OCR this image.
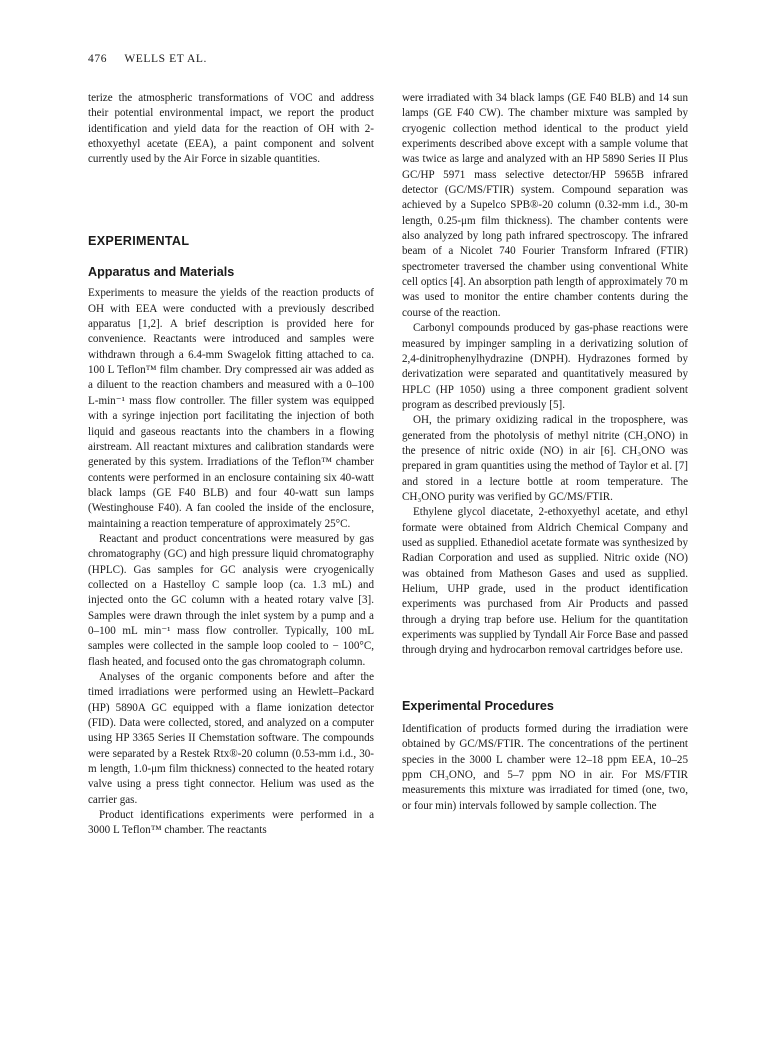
476 WELLS ET AL.

terize the atmospheric transformations of VOC and address their potential environmental impact, we report the product identification and yield data for the reaction of OH with 2-ethoxyethyl acetate (EEA), a paint component and solvent currently used by the Air Force in sizable quantities.

EXPERIMENTAL
Apparatus and Materials

Experiments to measure the yields of the reaction products of OH with EEA were conducted with a previously described apparatus [1,2]. A brief description is provided here for convenience. Reactants were introduced and samples were withdrawn through a 6.4-mm Swagelok fitting attached to ca. 100 L Teflon™ film chamber. Dry compressed air was added as a diluent to the reaction chambers and measured with a 0–100 L-min⁻¹ mass flow controller. The filler system was equipped with a syringe injection port facilitating the injection of both liquid and gaseous reactants into the chambers in a flowing airstream. All reactant mixtures and calibration standards were generated by this system. Irradiations of the Teflon™ chamber contents were performed in an enclosure containing six 40-watt black lamps (GE F40 BLB) and four 40-watt sun lamps (Westinghouse F40). A fan cooled the inside of the enclosure, maintaining a reaction temperature of approximately 25°C.

Reactant and product concentrations were measured by gas chromatography (GC) and high pressure liquid chromatography (HPLC). Gas samples for GC analysis were cryogenically collected on a Hastelloy C sample loop (ca. 1.3 mL) and injected onto the GC column with a heated rotary valve [3]. Samples were drawn through the inlet system by a pump and a 0–100 mL min⁻¹ mass flow controller. Typically, 100 mL samples were collected in the sample loop cooled to − 100°C, flash heated, and focused onto the gas chromatograph column.

Analyses of the organic components before and after the timed irradiations were performed using an Hewlett–Packard (HP) 5890A GC equipped with a flame ionization detector (FID). Data were collected, stored, and analyzed on a computer using HP 3365 Series II Chemstation software. The compounds were separated by a Restek Rtx®-20 column (0.53-mm i.d., 30-m length, 1.0-μm film thickness) connected to the heated rotary valve using a press tight connector. Helium was used as the carrier gas.

Product identifications experiments were performed in a 3000 L Teflon™ chamber. The reactants

were irradiated with 34 black lamps (GE F40 BLB) and 14 sun lamps (GE F40 CW). The chamber mixture was sampled by cryogenic collection method identical to the product yield experiments described above except with a sample volume that was twice as large and analyzed with an HP 5890 Series II Plus GC/HP 5971 mass selective detector/HP 5965B infrared detector (GC/MS/FTIR) system. Compound separation was achieved by a Supelco SPB®-20 column (0.32-mm i.d., 30-m length, 0.25-μm film thickness). The chamber contents were also analyzed by long path infrared spectroscopy. The infrared beam of a Nicolet 740 Fourier Transform Infrared (FTIR) spectrometer traversed the chamber using conventional White cell optics [4]. An absorption path length of approximately 70 m was used to monitor the entire chamber contents during the course of the reaction.

Carbonyl compounds produced by gas-phase reactions were measured by impinger sampling in a derivatizing solution of 2,4-dinitrophenylhydrazine (DNPH). Hydrazones formed by derivatization were separated and quantitatively measured by HPLC (HP 1050) using a three component gradient solvent program as described previously [5].

OH, the primary oxidizing radical in the troposphere, was generated from the photolysis of methyl nitrite (CH₃ONO) in the presence of nitric oxide (NO) in air [6]. CH₃ONO was prepared in gram quantities using the method of Taylor et al. [7] and stored in a lecture bottle at room temperature. The CH₃ONO purity was verified by GC/MS/FTIR.

Ethylene glycol diacetate, 2-ethoxyethyl acetate, and ethyl formate were obtained from Aldrich Chemical Company and used as supplied. Ethanediol acetate formate was synthesized by Radian Corporation and used as supplied. Nitric oxide (NO) was obtained from Matheson Gases and used as supplied. Helium, UHP grade, used in the product identification experiments was purchased from Air Products and passed through a drying trap before use. Helium for the quantitation experiments was supplied by Tyndall Air Force Base and passed through drying and hydrocarbon removal cartridges before use.

Experimental Procedures

Identification of products formed during the irradiation were obtained by GC/MS/FTIR. The concentrations of the pertinent species in the 3000 L chamber were 12–18 ppm EEA, 10–25 ppm CH₃ONO, and 5–7 ppm NO in air. For MS/FTIR measurements this mixture was irradiated for timed (one, two, or four min) intervals followed by sample collection. The
